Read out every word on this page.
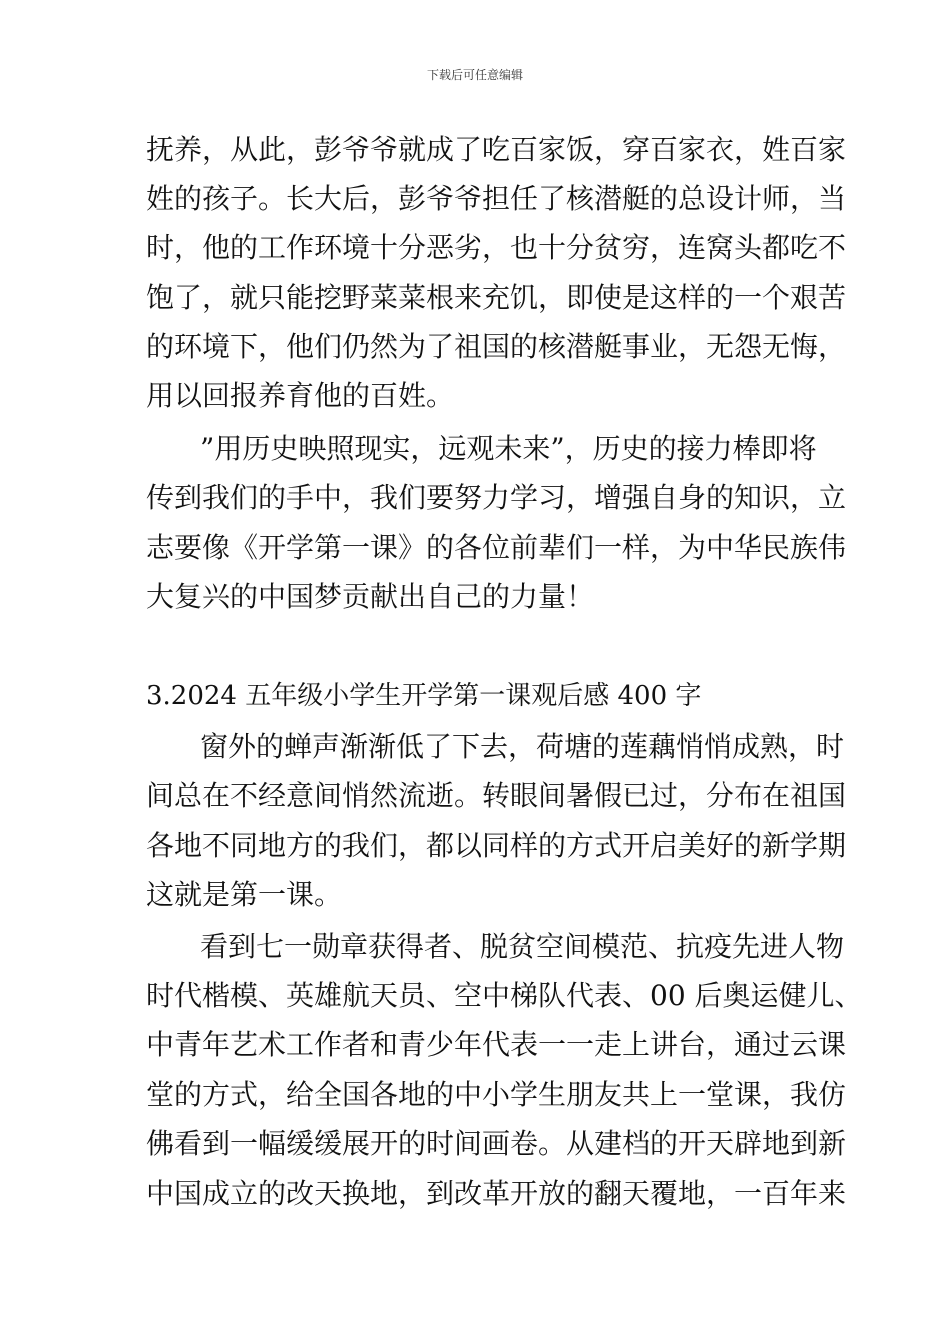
下载后可任意编辑
抚养，从此，彭爷爷就成了吃百家饭，穿百家衣，姓百家
姓的孩子。长大后，彭爷爷担任了核潜艇的总设计师，当
时，他的工作环境十分恶劣，也十分贫穷，连窝头都吃不
饱了，就只能挖野菜菜根来充饥，即使是这样的一个艰苦
的环境下，他们仍然为了祖国的核潜艇事业，无怨无悔，
用以回报养育他的百姓。
”用历史映照现实，远观未来”，历史的接力棒即将
传到我们的手中，我们要努力学习，增强自身的知识，立
志要像《开学第一课》的各位前辈们一样，为中华民族伟
大复兴的中国梦贡献出自己的力量！
3.2024 五年级小学生开学第一课观后感 400 字
窗外的蝉声渐渐低了下去，荷塘的莲藕悄悄成熟，时
间总在不经意间悄然流逝。转眼间暑假已过，分布在祖国
各地不同地方的我们，都以同样的方式开启美好的新学期
这就是第一课。
看到七一勋章获得者、脱贫空间模范、抗疫先进人物
时代楷模、英雄航天员、空中梯队代表、00 后奥运健儿、
中青年艺术工作者和青少年代表一一走上讲台，通过云课
堂的方式，给全国各地的中小学生朋友共上一堂课，我仿
佛看到一幅缓缓展开的时间画卷。从建档的开天辟地到新
中国成立的改天换地，到改革开放的翻天覆地，一百年来
